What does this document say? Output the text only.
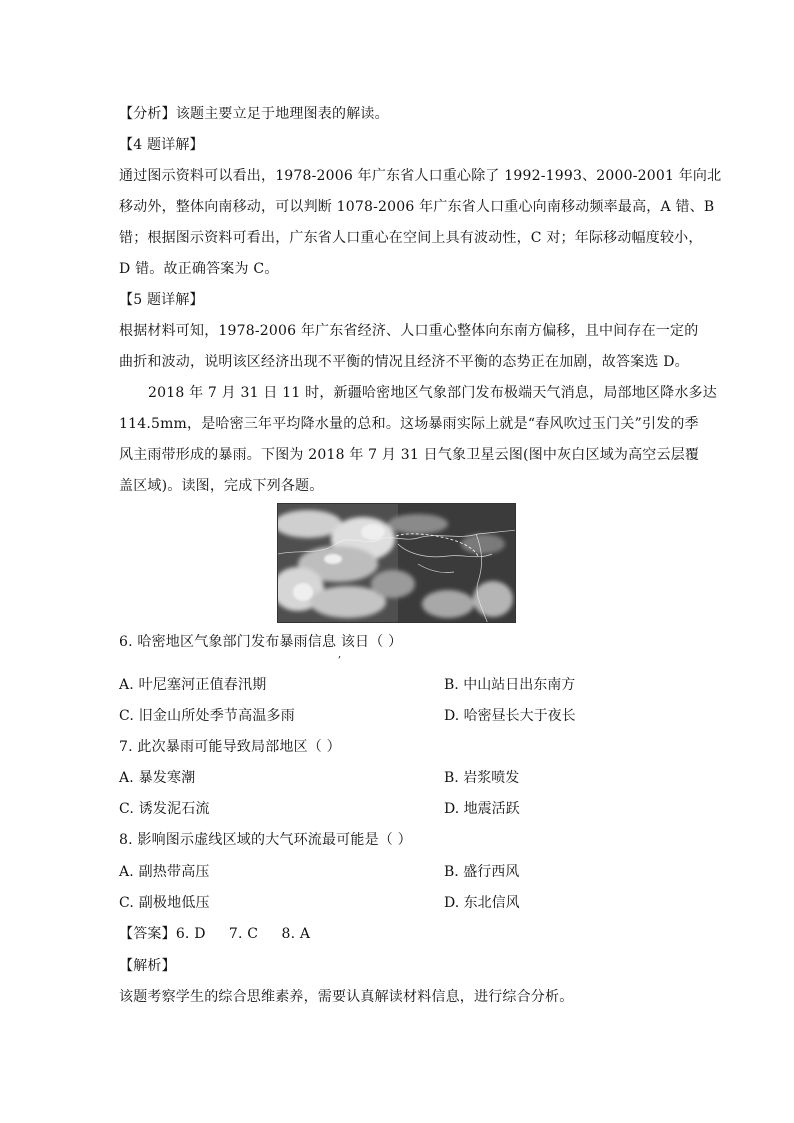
【分析】该题主要立足于地理图表的解读。
【4 题详解】
通过图示资料可以看出，1978-2006 年广东省人口重心除了 1992-1993、2000-2001 年向北
移动外，整体向南移动，可以判断 1078-2006 年广东省人口重心向南移动频率最高，A 错、B
错；根据图示资料可看出，广东省人口重心在空间上具有波动性，C 对；年际移动幅度较小，
D 错。故正确答案为 C。
【5 题详解】
根据材料可知，1978-2006 年广东省经济、人口重心整体向东南方偏移，且中间存在一定的
曲折和波动，说明该区经济出现不平衡的情况且经济不平衡的态势正在加剧，故答案选 D。
2018 年 7 月 31 日 11 时，新疆哈密地区气象部门发布极端天气消息，局部地区降水多达
114.5mm，是哈密三年平均降水量的总和。这场暴雨实际上就是“春风吹过玉门关”引发的季
风主雨带形成的暴雨。下图为 2018 年 7 月 31 日气象卫星云图(图中灰白区域为高空云层覆
盖区域)。读图，完成下列各题。
6. 哈密地区气象部门发布暴雨信息 该日（ ）
,
A. 叶尼塞河正值春汛期	B. 中山站日出东南方
C. 旧金山所处季节高温多雨	D. 哈密昼长大于夜长
7. 此次暴雨可能导致局部地区（ ）
A. 暴发寒潮	B. 岩浆喷发
C. 诱发泥石流	D. 地震活跃
8. 影响图示虚线区域的大气环流最可能是（ ）
A. 副热带高压	B. 盛行西风
C. 副极地低压	D. 东北信风
【答案】6. D     7. C     8. A
【解析】
该题考察学生的综合思维素养，需要认真解读材料信息，进行综合分析。
